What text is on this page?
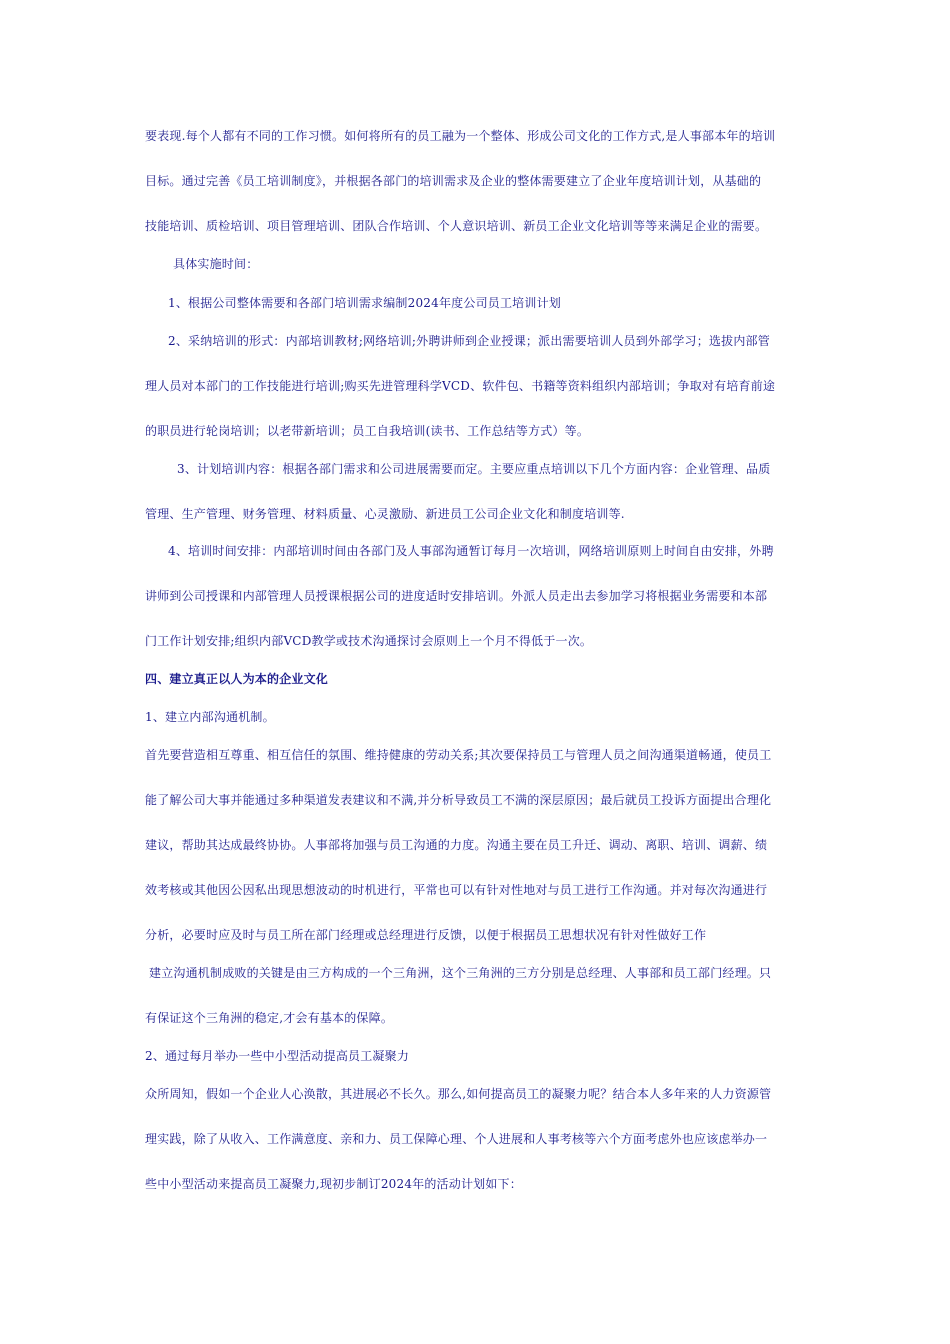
要表现.每个人都有不同的工作习惯。如何将所有的员工融为一个整体、形成公司文化的工作方式,是人事部本年的培训
目标。通过完善《员工培训制度》，并根据各部门的培训需求及企业的整体需要建立了企业年度培训计划，从基础的
技能培训、质检培训、项目管理培训、团队合作培训、个人意识培训、新员工企业文化培训等等来满足企业的需要。
具体实施时间：
1、根据公司整体需要和各部门培训需求编制2024年度公司员工培训计划
2、采纳培训的形式：内部培训教材;网络培训;外聘讲师到企业授课；派出需要培训人员到外部学习；选拔内部管
理人员对本部门的工作技能进行培训;购买先进管理科学VCD、软件包、书籍等资料组织内部培训；争取对有培育前途
的职员进行轮岗培训；以老带新培训；员工自我培训(读书、工作总结等方式）等。
3、计划培训内容：根据各部门需求和公司进展需要而定。主要应重点培训以下几个方面内容：企业管理、品质
管理、生产管理、财务管理、材料质量、心灵激励、新进员工公司企业文化和制度培训等.
4、培训时间安排：内部培训时间由各部门及人事部沟通暂订每月一次培训，网络培训原则上时间自由安排，外聘
讲师到公司授课和内部管理人员授课根据公司的进度适时安排培训。外派人员走出去参加学习将根据业务需要和本部
门工作计划安排;组织内部VCD教学或技术沟通探讨会原则上一个月不得低于一次。
四、建立真正以人为本的企业文化
1、建立内部沟通机制。
首先要营造相互尊重、相互信任的氛围、维持健康的劳动关系;其次要保持员工与管理人员之间沟通渠道畅通，使员工
能了解公司大事并能通过多种渠道发表建议和不满,并分析导致员工不满的深层原因；最后就员工投诉方面提出合理化
建议，帮助其达成最终协协。人事部将加强与员工沟通的力度。沟通主要在员工升迁、调动、离职、培训、调薪、绩
效考核或其他因公因私出现思想波动的时机进行，平常也可以有针对性地对与员工进行工作沟通。并对每次沟通进行
分析，必要时应及时与员工所在部门经理或总经理进行反馈，以便于根据员工思想状况有针对性做好工作
建立沟通机制成败的关键是由三方构成的一个三角洲，这个三角洲的三方分别是总经理、人事部和员工部门经理。只
有保证这个三角洲的稳定,才会有基本的保障。
2、通过每月举办一些中小型活动提高员工凝聚力
众所周知，假如一个企业人心涣散，其进展必不长久。那么,如何提高员工的凝聚力呢？结合本人多年来的人力资源管
理实践，除了从收入、工作满意度、亲和力、员工保障心理、个人进展和人事考核等六个方面考虑外也应该虑举办一
些中小型活动来提高员工凝聚力,现初步制订2024年的活动计划如下：
